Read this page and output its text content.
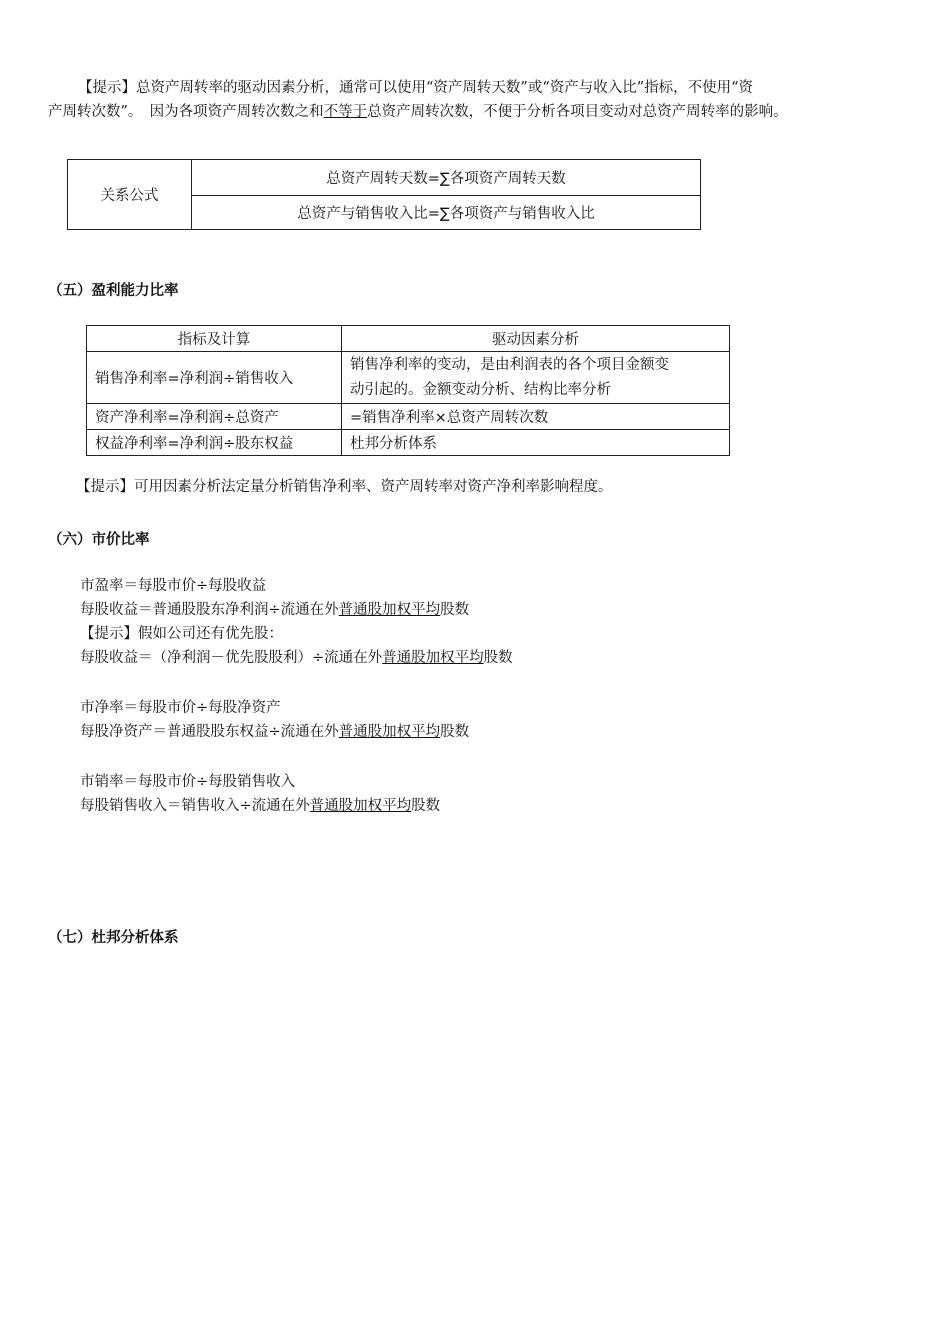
【提示】总资产周转率的驱动因素分析，通常可以使用“资产周转天数”或“资产与收入比”指标，不使用“资
产周转次数”。　因为各项资产周转次数之和不等于总资产周转次数，不便于分析各项目变动对总资产周转率的影响。
关系公式	总资产周转天数=∑各项资产周转天数
总资产与销售收入比=∑各项资产与销售收入比
（五）盈利能力比率
指标及计算	驱动因素分析
销售净利率=净利润÷销售收入	销售净利率的变动，是由利润表的各个项目金额变
动引起的。金额变动分析、结构比率分析

资产净利率=净利润÷总资产	=销售净利率×总资产周转次数
权益净利率=净利润÷股东权益	杜邦分析体系
【提示】可用因素分析法定量分析销售净利率、资产周转率对资产净利率影响程度。
（六）市价比率
市盈率＝每股市价÷每股收益
每股收益＝普通股股东净利润÷流通在外普通股加权平均股数
【提示】假如公司还有优先股：
每股收益＝（净利润－优先股股利）÷流通在外普通股加权平均股数
市净率＝每股市价÷每股净资产
每股净资产＝普通股股东权益÷流通在外普通股加权平均股数
市销率＝每股市价÷每股销售收入
每股销售收入＝销售收入÷流通在外普通股加权平均股数
（七）杜邦分析体系
